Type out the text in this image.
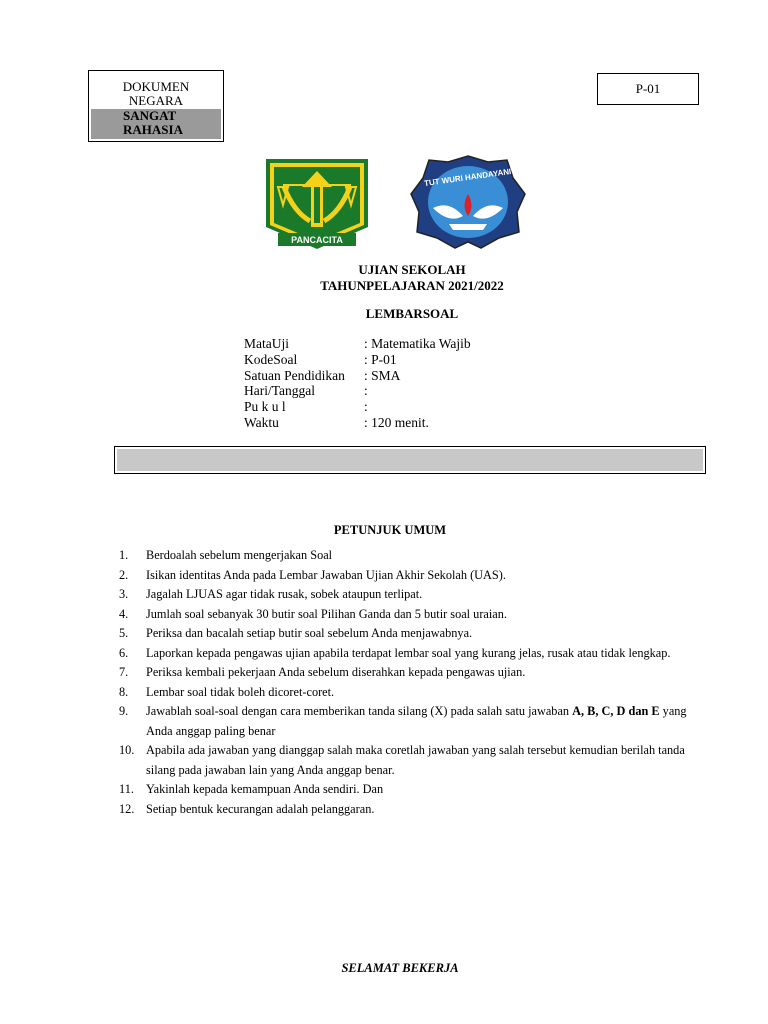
DOKUMEN
NEGARA
SANGAT
RAHASIA
P-01
PANCACITA
TUT WURI HANDAYANI
UJIAN SEKOLAH
TAHUNPELAJARAN 2021/2022
LEMBARSOAL
MataUji	: Matematika Wajib
KodeSoal	: P-01
Satuan Pendidikan	: SMA
Hari/Tanggal	:
Pu k u l	:
Waktu	: 120 menit.
PETUNJUK UMUM
1.	Berdoalah sebelum mengerjakan Soal
2.	Isikan identitas Anda pada Lembar Jawaban Ujian Akhir Sekolah (UAS).
3.	Jagalah LJUAS agar tidak rusak, sobek ataupun terlipat.
4.	Jumlah soal sebanyak 30 butir soal Pilihan Ganda dan 5 butir soal uraian.
5.	Periksa dan bacalah setiap butir soal sebelum Anda menjawabnya.
6.	Laporkan kepada pengawas ujian apabila terdapat lembar soal yang kurang jelas, rusak atau tidak lengkap.
7.	Periksa kembali pekerjaan Anda sebelum diserahkan kepada pengawas ujian.
8.	Lembar soal tidak boleh dicoret-coret.
9.	Jawablah soal-soal dengan cara memberikan tanda silang (X) pada salah satu jawaban A, B, C, D dan E yang Anda anggap paling benar
10. Apabila ada jawaban yang dianggap salah maka coretlah jawaban yang salah tersebut kemudian berilah tanda silang pada jawaban lain yang Anda anggap benar.
11. Yakinlah kepada kemampuan Anda sendiri. Dan
12. Setiap bentuk kecurangan adalah pelanggaran.
SELAMAT BEKERJA
